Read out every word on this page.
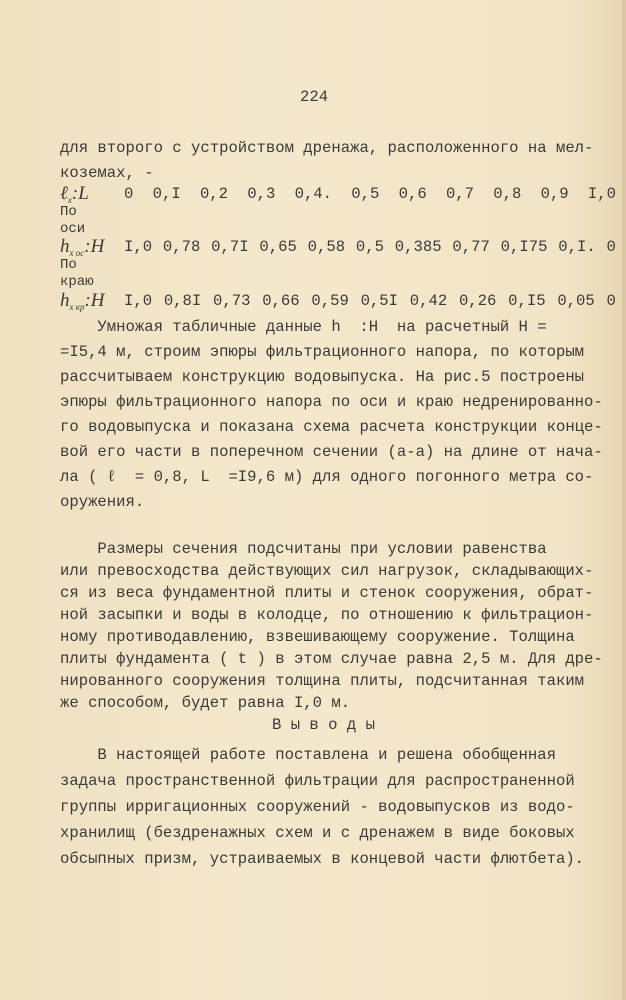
224
для второго с устройством дренажа, расположенного на мел-
коземах, -
ℓ$_x$:L 0 0,I 0,2 0,3 0,4. 0,5 0,6 0,7 0,8 0,9 I,0
По
оси
$h_{x ос}:H$ I,0 0,78 0,7I 0,65 0,58 0,5 0,385 0,77 0,I75 0,I. 0
По
краю
$h_{x кр}:H$ I,0 0,8I 0,73 0,66 0,59 0,5I 0,42 0,26 0,I5 0,05 0
Умножая табличные данные h  :H  на расчетный H =
=I5,4 м, строим эпюры фильтрационного напора, по которым
рассчитываем конструкцию водовыпуска. На рис.5 построены
эпюры фильтрационного напора по оси и краю недренированно-
го водовыпуска и показана схема расчета конструкции конце-
вой его части в поперечном сечении (а-а) на длине от нача-
ла ( ℓ  = 0,8, L  =I9,6 м) для одного погонного метра со-
оружения.
Размеры сечения подсчитаны при условии равенства
или превосходства действующих сил нагрузок, складывающих-
ся из веса фундаментной плиты и стенок сооружения, обрат-
ной засыпки и воды в колодце, по отношению к фильтрацион-
ному противодавлению, взвешивающему сооружение. Толщина
плиты фундамента ( t ) в этом случае равна 2,5 м. Для дре-
нированного сооружения толщина плиты, подсчитанная таким
же способом, будет равна I,0 м.
В ы в о д ы
В настоящей работе поставлена и решена обобщенная
задача пространственной фильтрации для распространенной
группы ирригационных сооружений - водовыпусков из водо-
хранилищ (бездренажных схем и с дренажем в виде боковых
обсыпных призм, устраиваемых в концевой части флютбета).
